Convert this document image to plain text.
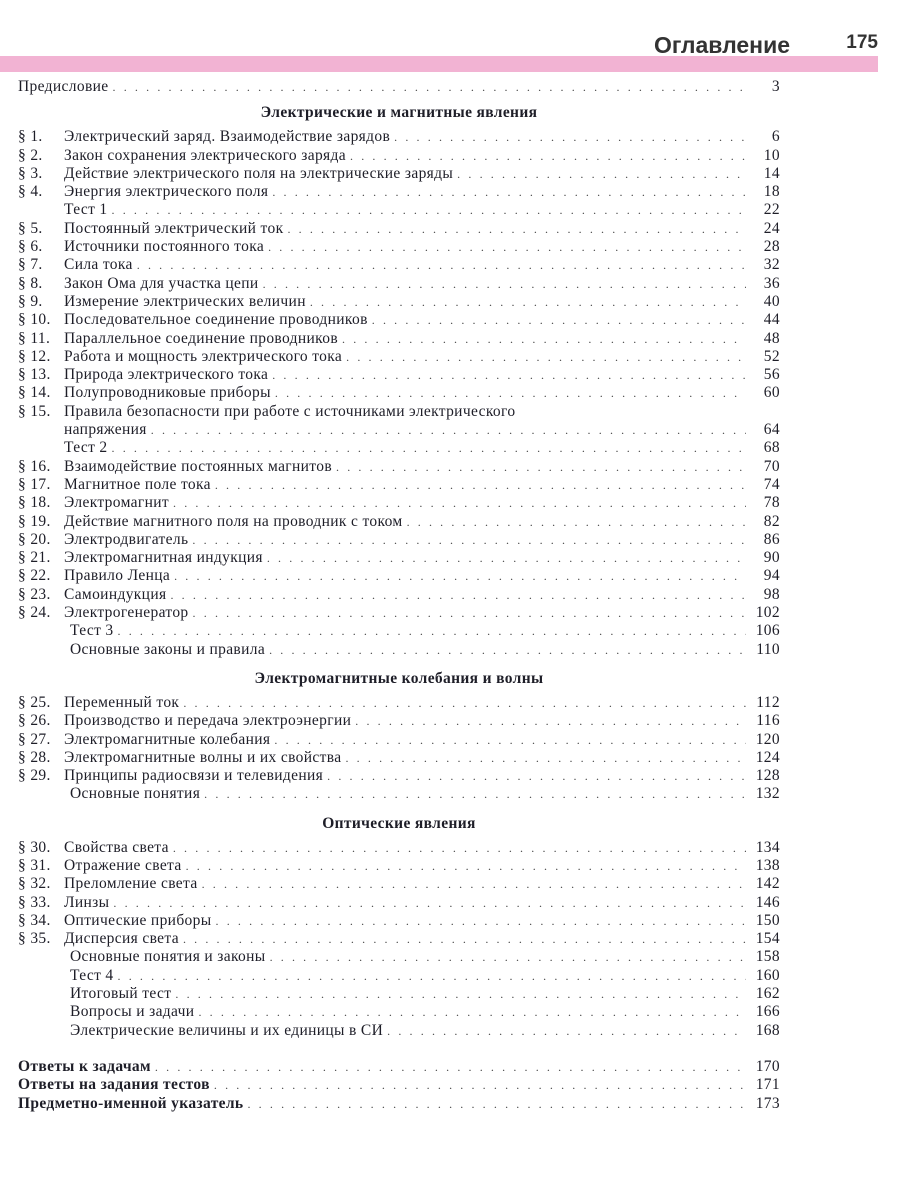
Оглавление	175
Предисловие . . .	3
Электрические и магнитные явления
§ 1.	Электрический заряд. Взаимодействие зарядов . . .	6
§ 2.	Закон сохранения электрического заряда . . .	10
§ 3.	Действие электрического поля на электрические заряды . . .	14
§ 4.	Энергия электрического поля . . .	18
Тест 1 . . .	22
§ 5.	Постоянный электрический ток . . .	24
§ 6.	Источники постоянного тока . . .	28
§ 7.	Сила тока . . .	32
§ 8.	Закон Ома для участка цепи . . .	36
§ 9.	Измерение электрических величин . . .	40
§ 10. Последовательное соединение проводников . . .	44
§ 11. Параллельное соединение проводников . . .	48
§ 12. Работа и мощность электрического тока . . .	52
§ 13. Природа электрического тока . . .	56
§ 14. Полупроводниковые приборы . . .	60
§ 15. Правила безопасности при работе с источниками электрического
напряжения . . .	64
Тест 2 . . .	68
§ 16. Взаимодействие постоянных магнитов . . .	70
§ 17. Магнитное поле тока . . .	74
§ 18. Электромагнит . . .	78
§ 19. Действие магнитного поля на проводник с током . . .	82
§ 20. Электродвигатель . . .	86
§ 21. Электромагнитная индукция . . .	90
§ 22. Правило Ленца . . .	94
§ 23. Самоиндукция . . .	98
§ 24. Электрогенератор . . .	102
Тест 3 . . .	106
Основные законы и правила . . .	110
Электромагнитные колебания и волны
§ 25. Переменный ток . . .	112
§ 26. Производство и передача электроэнергии . . .	116
§ 27. Электромагнитные колебания . . .	120
§ 28. Электромагнитные волны и их свойства . . .	124
§ 29. Принципы радиосвязи и телевидения . . .	128
Основные понятия . . .	132
Оптические явления
§ 30. Свойства света . . .	134
§ 31. Отражение света . . .	138
§ 32. Преломление света . . .	142
§ 33. Линзы . . .	146
§ 34. Оптические приборы . . .	150
§ 35. Дисперсия света . . .	154
Основные понятия и законы . . .	158
Тест 4 . . .	160
Итоговый тест . . .	162
Вопросы и задачи . . .	166
Электрические величины и их единицы в СИ . . .	168
Ответы к задачам . . .	170
Ответы на задания тестов . . .	171
Предметно-именной указатель . . .	173
